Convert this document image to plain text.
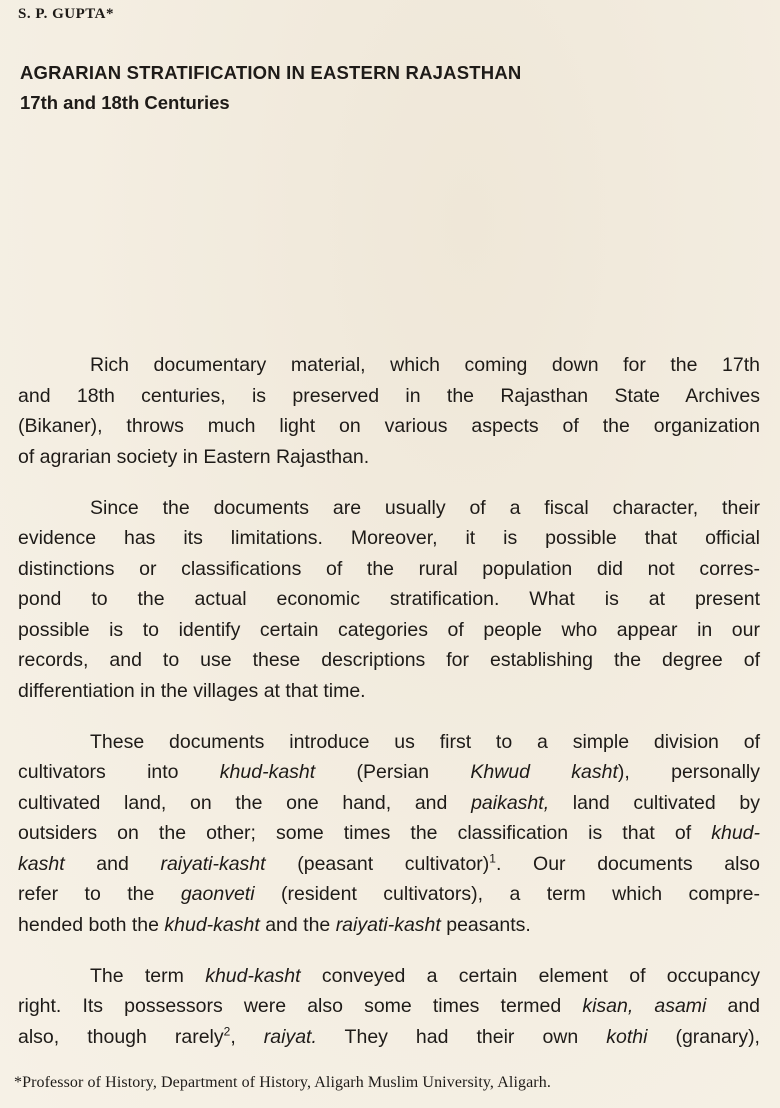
S. P. GUPTA*
AGRARIAN STRATIFICATION IN EASTERN RAJASTHAN
17th and 18th Centuries
Rich documentary material, which coming down for the 17th
and 18th centuries, is preserved in the Rajasthan State Archives
(Bikaner), throws much light on various aspects of the organization
of agrarian society in Eastern Rajasthan.
Since the documents are usually of a fiscal character, their
evidence has its limitations. Moreover, it is possible that official
distinctions or classifications of the rural population did not corres-
pond to the actual economic stratification. What is at present
possible is to identify certain categories of people who appear in our
records, and to use these descriptions for establishing the degree of
differentiation in the villages at that time.
These documents introduce us first to a simple division of
cultivators into khud-kasht (Persian Khwud kasht), personally
cultivated land, on the one hand, and paikasht, land cultivated by
outsiders on the other; some times the classification is that of khud-
kasht and raiyati-kasht (peasant cultivator)$^1$. Our documents also
refer to the gaonveti (resident cultivators), a term which compre-
hended both the khud-kasht and the raiyati-kasht peasants.
The term khud-kasht conveyed a certain element of occupancy
right. Its possessors were also some times termed kisan, asami and
also, though rarely$^2$, raiyat. They had their own kothi (granary),
*Professor of History, Department of History, Aligarh Muslim University, Aligarh.
